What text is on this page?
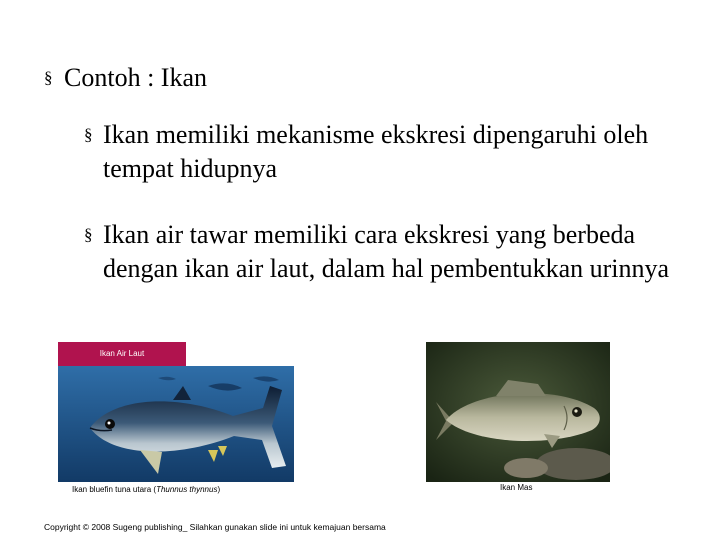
§ Contoh : Ikan
§ Ikan memiliki mekanisme ekskresi dipengaruhi oleh tempat hidupnya
§ Ikan air tawar memiliki cara ekskresi yang berbeda dengan ikan air laut, dalam hal pembentukkan urinnya
Ikan Air Laut
Ikan bluefin tuna utara (Thunnus thynnus)	Ikan Mas
Copyright © 2008 Sugeng publishing_ Silahkan gunakan slide ini untuk kemajuan bersama
